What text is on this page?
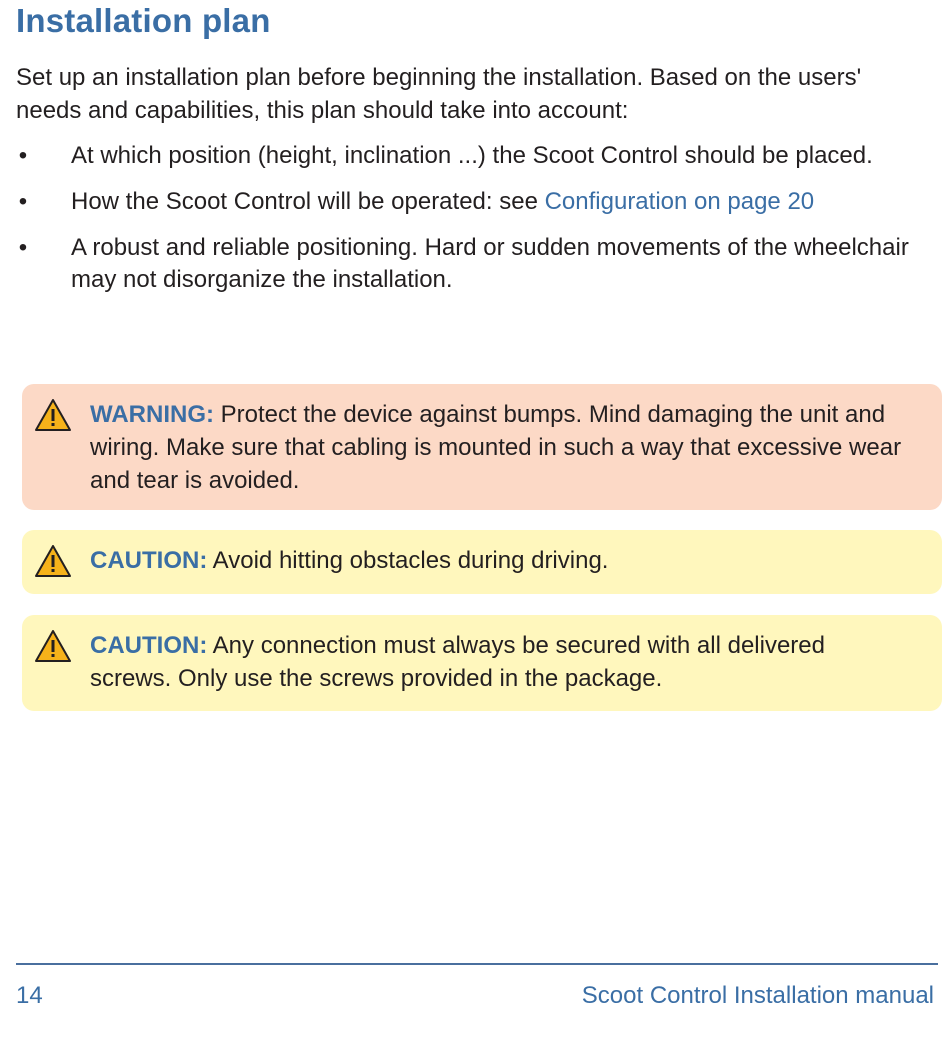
Installation plan

Set up an installation plan before beginning the installation. Based on the users' needs and capabilities, this plan should take into account:

• At which position (height, inclination ...) the Scoot Control should be placed.
• How the Scoot Control will be operated: see Configuration on page 20
• A robust and reliable positioning. Hard or sudden movements of the wheelchair may not disorganize the installation.
WARNING: Protect the device against bumps. Mind damaging the unit and wiring. Make sure that cabling is mounted in such a way that excessive wear and tear is avoided.
CAUTION: Avoid hitting obstacles during driving.
CAUTION: Any connection must always be secured with all delivered screws. Only use the screws provided in the package.
14	Scoot Control Installation manual
